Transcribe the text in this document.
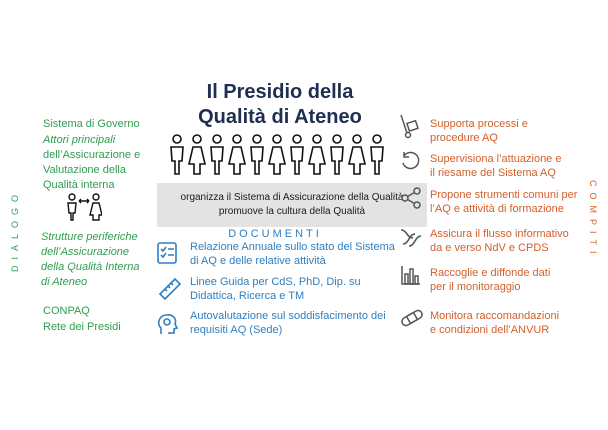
Il Presidio della
Qualità di Ateneo
organizza il Sistema di Assicurazione della Qualità
promuove la cultura della Qualità
DOCUMENTI
Relazione Annuale sullo stato del Sistema
di AQ e delle relative attività
Linee Guida per CdS, PhD, Dip. su
Didattica, Ricerca e TM
Autovalutazione sul soddisfacimento dei
requisiti AQ (Sede)
DIALOGO
Sistema di Governo
Attori principali
dell’Assicurazione e
Valutazione della
Qualità interna
Strutture periferiche
dell’Assicurazione
della Qualità Interna
di Ateneo
CONPAQ
Rete dei Presidi
COMPITI
Supporta processi e
procedure AQ
Supervisiona l’attuazione e
il riesame del Sistema AQ
Propone strumenti comuni per
l’AQ e attività di formazione
Assicura il flusso informativo
da e verso NdV e CPDS
Raccoglie e diffonde dati
per il monitoraggio
Monitora raccomandazioni
e condizioni dell’ANVUR
